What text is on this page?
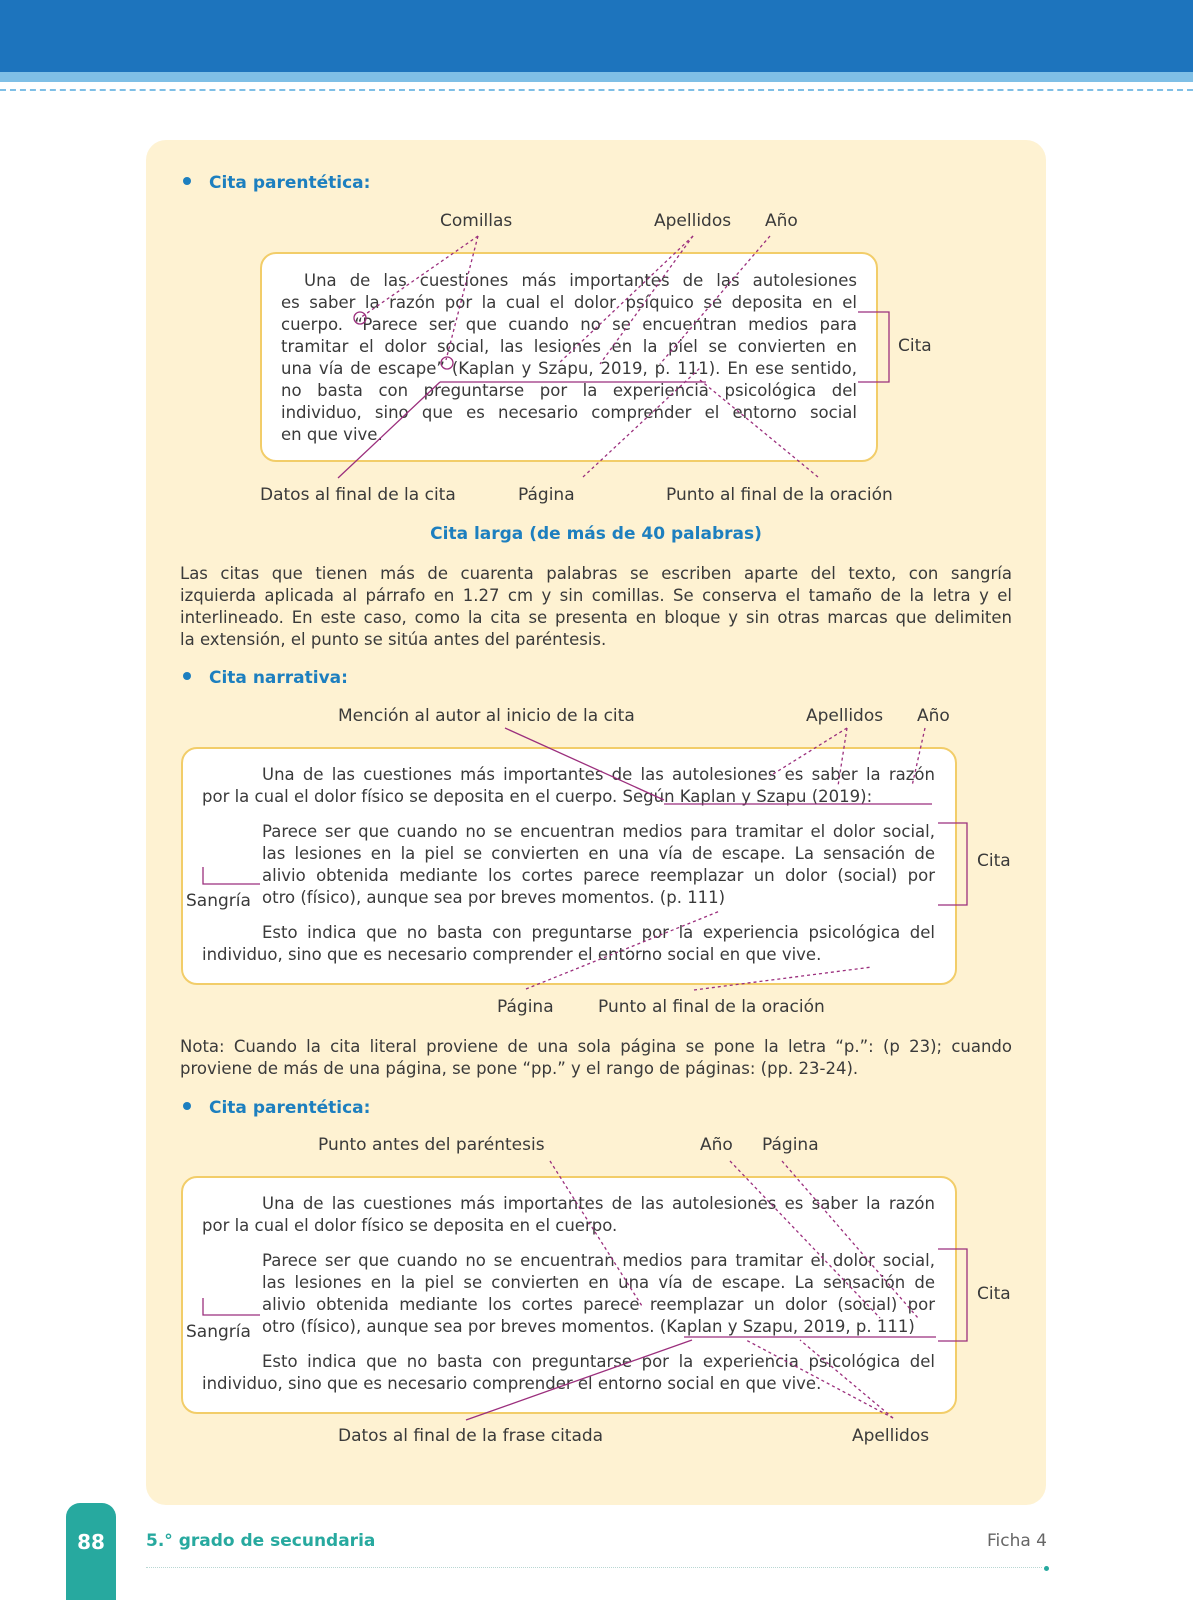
Cita parentética:
Comillas	Apellidos Año
Una de las cuestiones más importantes de las autolesiones
es saber la razón por la cual el dolor psíquico se deposita en el
cuerpo. “Parece ser que cuando no se encuentran medios para
tramitar el dolor social, las lesiones en la piel se convierten en
una vía de escape” (Kaplan y Szapu, 2019, p. 111). En ese sentido,
no basta con preguntarse por la experiencia psicológica del
individuo, sino que es necesario comprender el entorno social
en que vive.
Cita
Datos al final de la cita	Página	Punto al final de la oración
Cita larga (de más de 40 palabras)
Las citas que tienen más de cuarenta palabras se escriben aparte del texto, con sangría
izquierda aplicada al párrafo en 1.27 cm y sin comillas. Se conserva el tamaño de la letra y el
interlineado. En este caso, como la cita se presenta en bloque y sin otras marcas que delimiten
la extensión, el punto se sitúa antes del paréntesis.
Cita narrativa:
Mención al autor al inicio de la cita	Apellidos Año
Una de las cuestiones más importantes de las autolesiones es saber la razón
por la cual el dolor físico se deposita en el cuerpo. Según Kaplan y Szapu (2019):
Parece ser que cuando no se encuentran medios para tramitar el dolor social,
las lesiones en la piel se convierten en una vía de escape. La sensación de
alivio obtenida mediante los cortes parece reemplazar un dolor (social) por
otro (físico), aunque sea por breves momentos. (p. 111)
Esto indica que no basta con preguntarse por la experiencia psicológica del
individuo, sino que es necesario comprender el entorno social en que vive.
Sangría
Cita
Página	Punto al final de la oración
Nota: Cuando la cita literal proviene de una sola página se pone la letra “p.”: (p 23); cuando
proviene de más de una página, se pone “pp.” y el rango de páginas: (pp. 23-24).
Cita parentética:
Punto antes del paréntesis	Año Página
Una de las cuestiones más importantes de las autolesiones es saber la razón
por la cual el dolor físico se deposita en el cuerpo.
Parece ser que cuando no se encuentran medios para tramitar el dolor social,
las lesiones en la piel se convierten en una vía de escape. La sensación de
alivio obtenida mediante los cortes parece reemplazar un dolor (social) por
otro (físico), aunque sea por breves momentos. (Kaplan y Szapu, 2019, p. 111)
Esto indica que no basta con preguntarse por la experiencia psicológica del
individuo, sino que es necesario comprender el entorno social en que vive.
Sangría
Cita
Datos al final de la frase citada	Apellidos
88	5.° grado de secundaria	Ficha 4
